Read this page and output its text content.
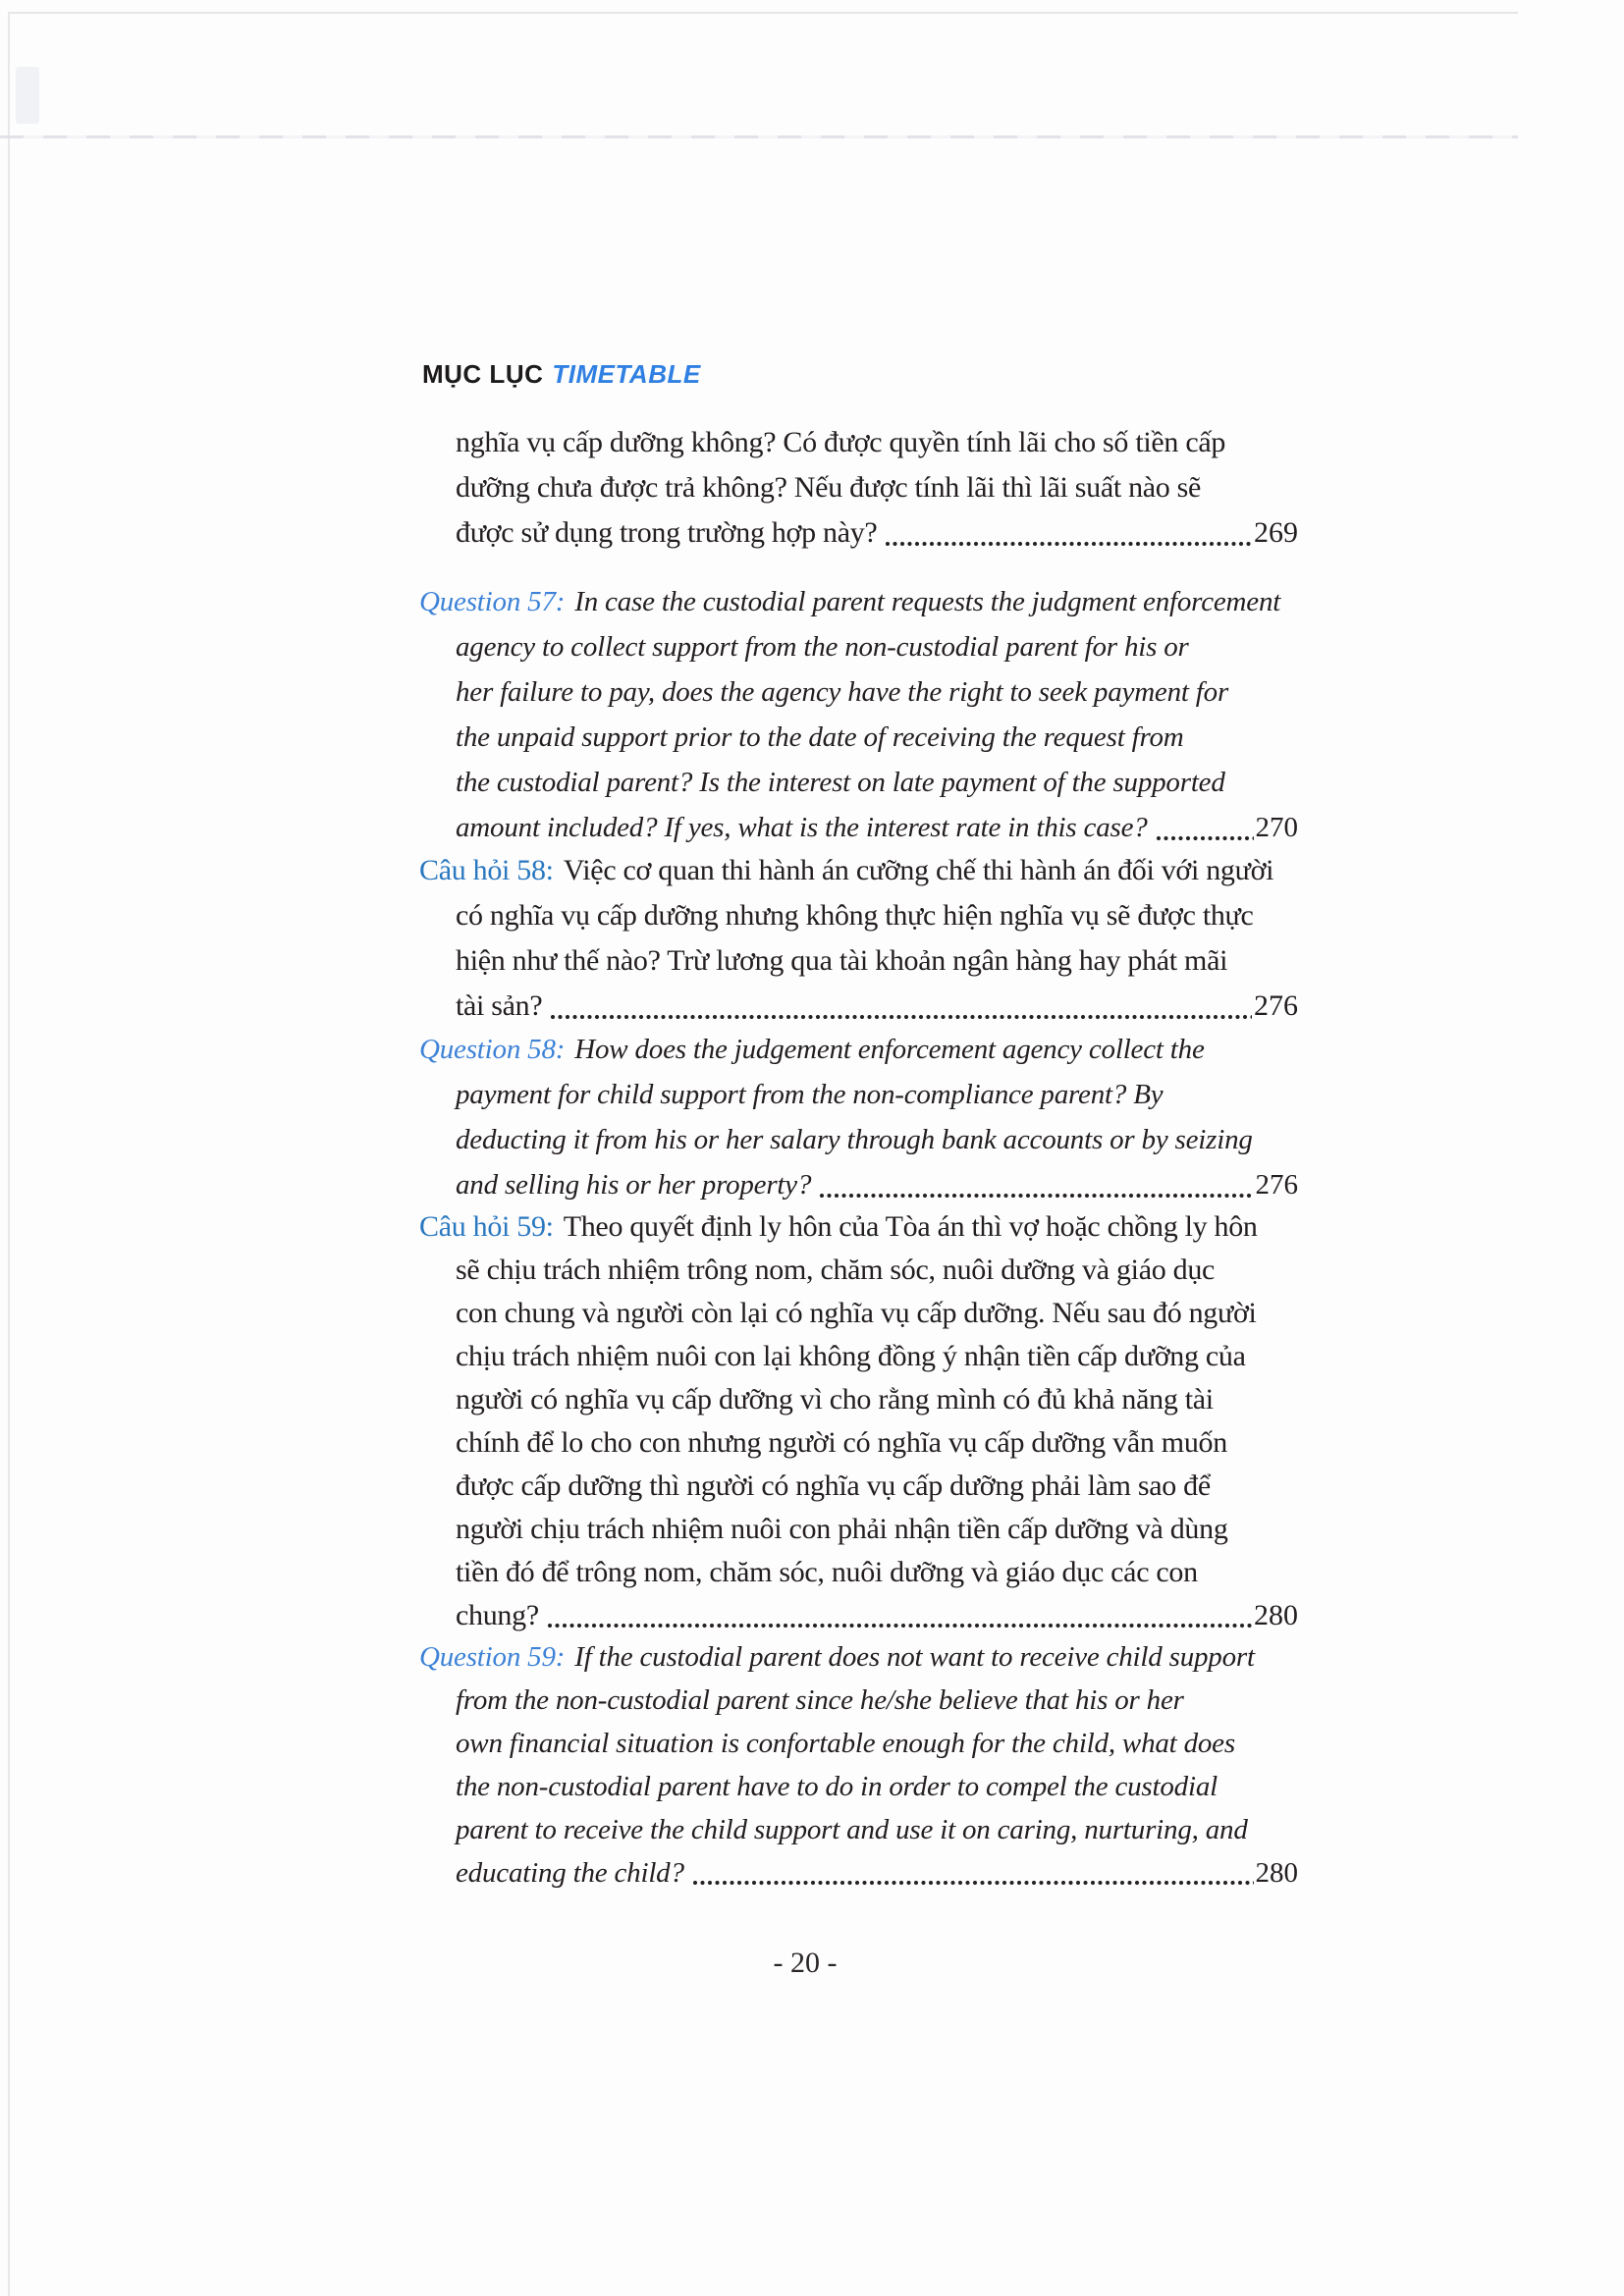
MỤC LỤC TIMETABLE
nghĩa vụ cấp dưỡng không? Có được quyền tính lãi cho số tiền cấp
dưỡng chưa được trả không? Nếu được tính lãi thì lãi suất nào sẽ
được sử dụng trong trường hợp này?	269
Question 57: In case the custodial parent requests the judgment enforcement
agency to collect support from the non-custodial parent for his or
her failure to pay, does the agency have the right to seek payment for
the unpaid support prior to the date of receiving the request from
the custodial parent? Is the interest on late payment of the supported
amount included? If yes, what is the interest rate in this case?	270
Câu hỏi 58: Việc cơ quan thi hành án cưỡng chế thi hành án đối với người
có nghĩa vụ cấp dưỡng nhưng không thực hiện nghĩa vụ sẽ được thực
hiện như thế nào? Trừ lương qua tài khoản ngân hàng hay phát mãi
tài sản?	276
Question 58: How does the judgement enforcement agency collect the
payment for child support from the non-compliance parent? By
deducting it from his or her salary through bank accounts or by seizing
and selling his or her property?	276
Câu hỏi 59: Theo quyết định ly hôn của Tòa án thì vợ hoặc chồng ly hôn
sẽ chịu trách nhiệm trông nom, chăm sóc, nuôi dưỡng và giáo dục
con chung và người còn lại có nghĩa vụ cấp dưỡng. Nếu sau đó người
chịu trách nhiệm nuôi con lại không đồng ý nhận tiền cấp dưỡng của
người có nghĩa vụ cấp dưỡng vì cho rằng mình có đủ khả năng tài
chính để lo cho con nhưng người có nghĩa vụ cấp dưỡng vẫn muốn
được cấp dưỡng thì người có nghĩa vụ cấp dưỡng phải làm sao để
người chịu trách nhiệm nuôi con phải nhận tiền cấp dưỡng và dùng
tiền đó để trông nom, chăm sóc, nuôi dưỡng và giáo dục các con
chung?	280
Question 59: If the custodial parent does not want to receive child support
from the non-custodial parent since he/she believe that his or her
own financial situation is confortable enough for the child, what does
the non-custodial parent have to do in order to compel the custodial
parent to receive the child support and use it on caring, nurturing, and
educating the child?	280
- 20 -
